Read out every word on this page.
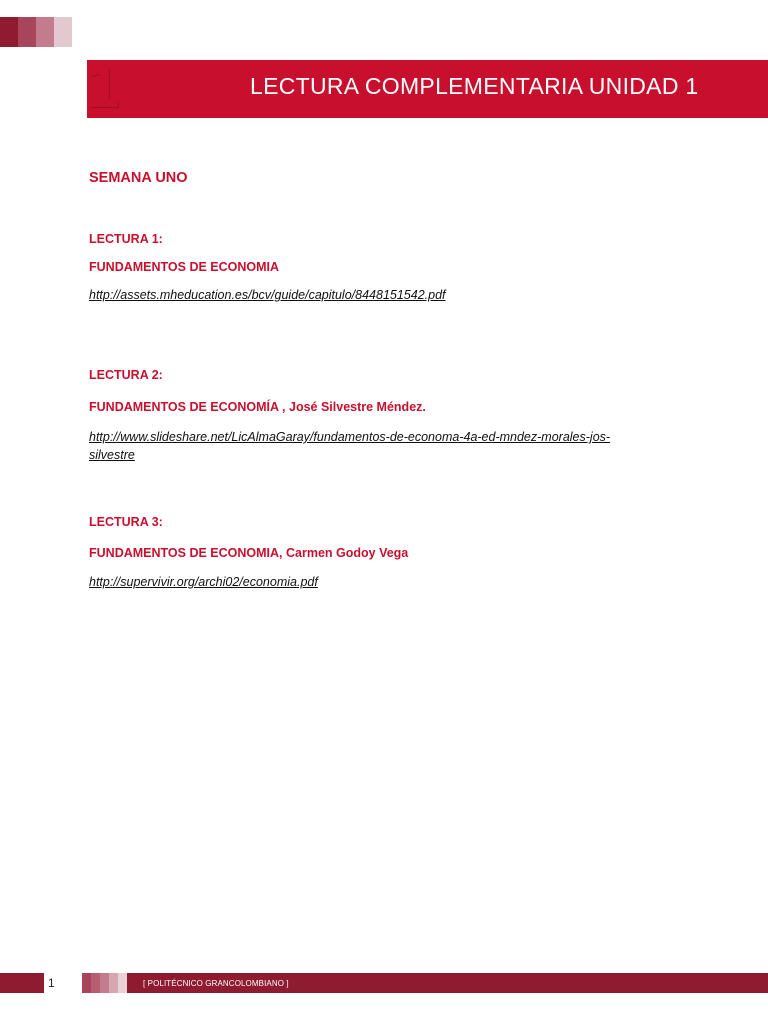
1	LECTURA COMPLEMENTARIA UNIDAD 1
SEMANA UNO
LECTURA 1:
FUNDAMENTOS DE ECONOMIA
http://assets.mheducation.es/bcv/guide/capitulo/8448151542.pdf
LECTURA 2:
FUNDAMENTOS DE ECONOMÍA , José Silvestre Méndez.
http://www.slideshare.net/LicAlmaGaray/fundamentos-de-economa-4a-ed-mndez-morales-jos-
silvestre
LECTURA 3:
FUNDAMENTOS DE ECONOMIA, Carmen Godoy Vega
http://supervivir.org/archi02/economia.pdf
1	[ POLITÉCNICO GRANCOLOMBIANO ]
